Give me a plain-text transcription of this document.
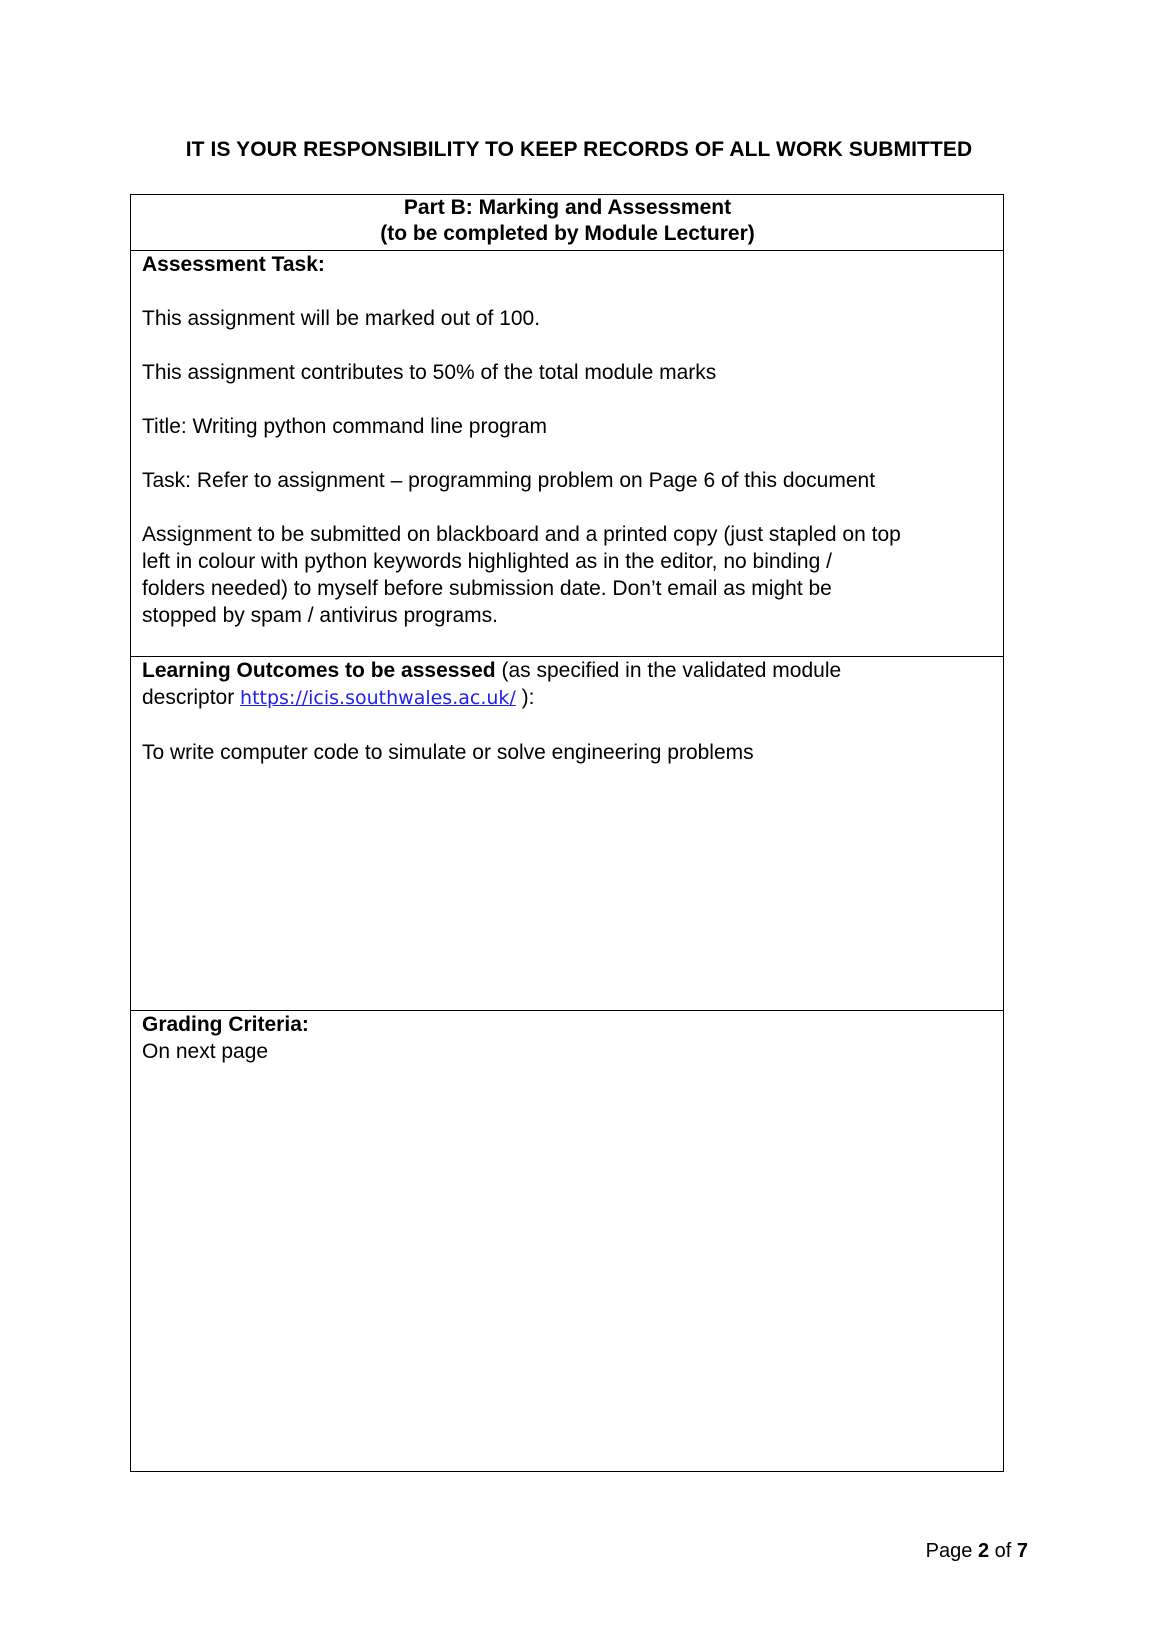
IT IS YOUR RESPONSIBILITY TO KEEP RECORDS OF ALL WORK SUBMITTED
Part B: Marking and Assessment
(to be completed by Module Lecturer)
Assessment Task:
This assignment will be marked out of 100.
This assignment contributes to 50% of the total module marks
Title: Writing python command line program
Task: Refer to assignment – programming problem on Page 6 of this document
Assignment to be submitted on blackboard and a printed copy (just stapled on top
left in colour with python keywords highlighted as in the editor, no binding /
folders needed) to myself before submission date. Don’t email as might be
stopped by spam / antivirus programs.
Learning Outcomes to be assessed (as specified in the validated module
descriptor https://icis.southwales.ac.uk/ ):
To write computer code to simulate or solve engineering problems
Grading Criteria:
On next page
Page 2 of 7
